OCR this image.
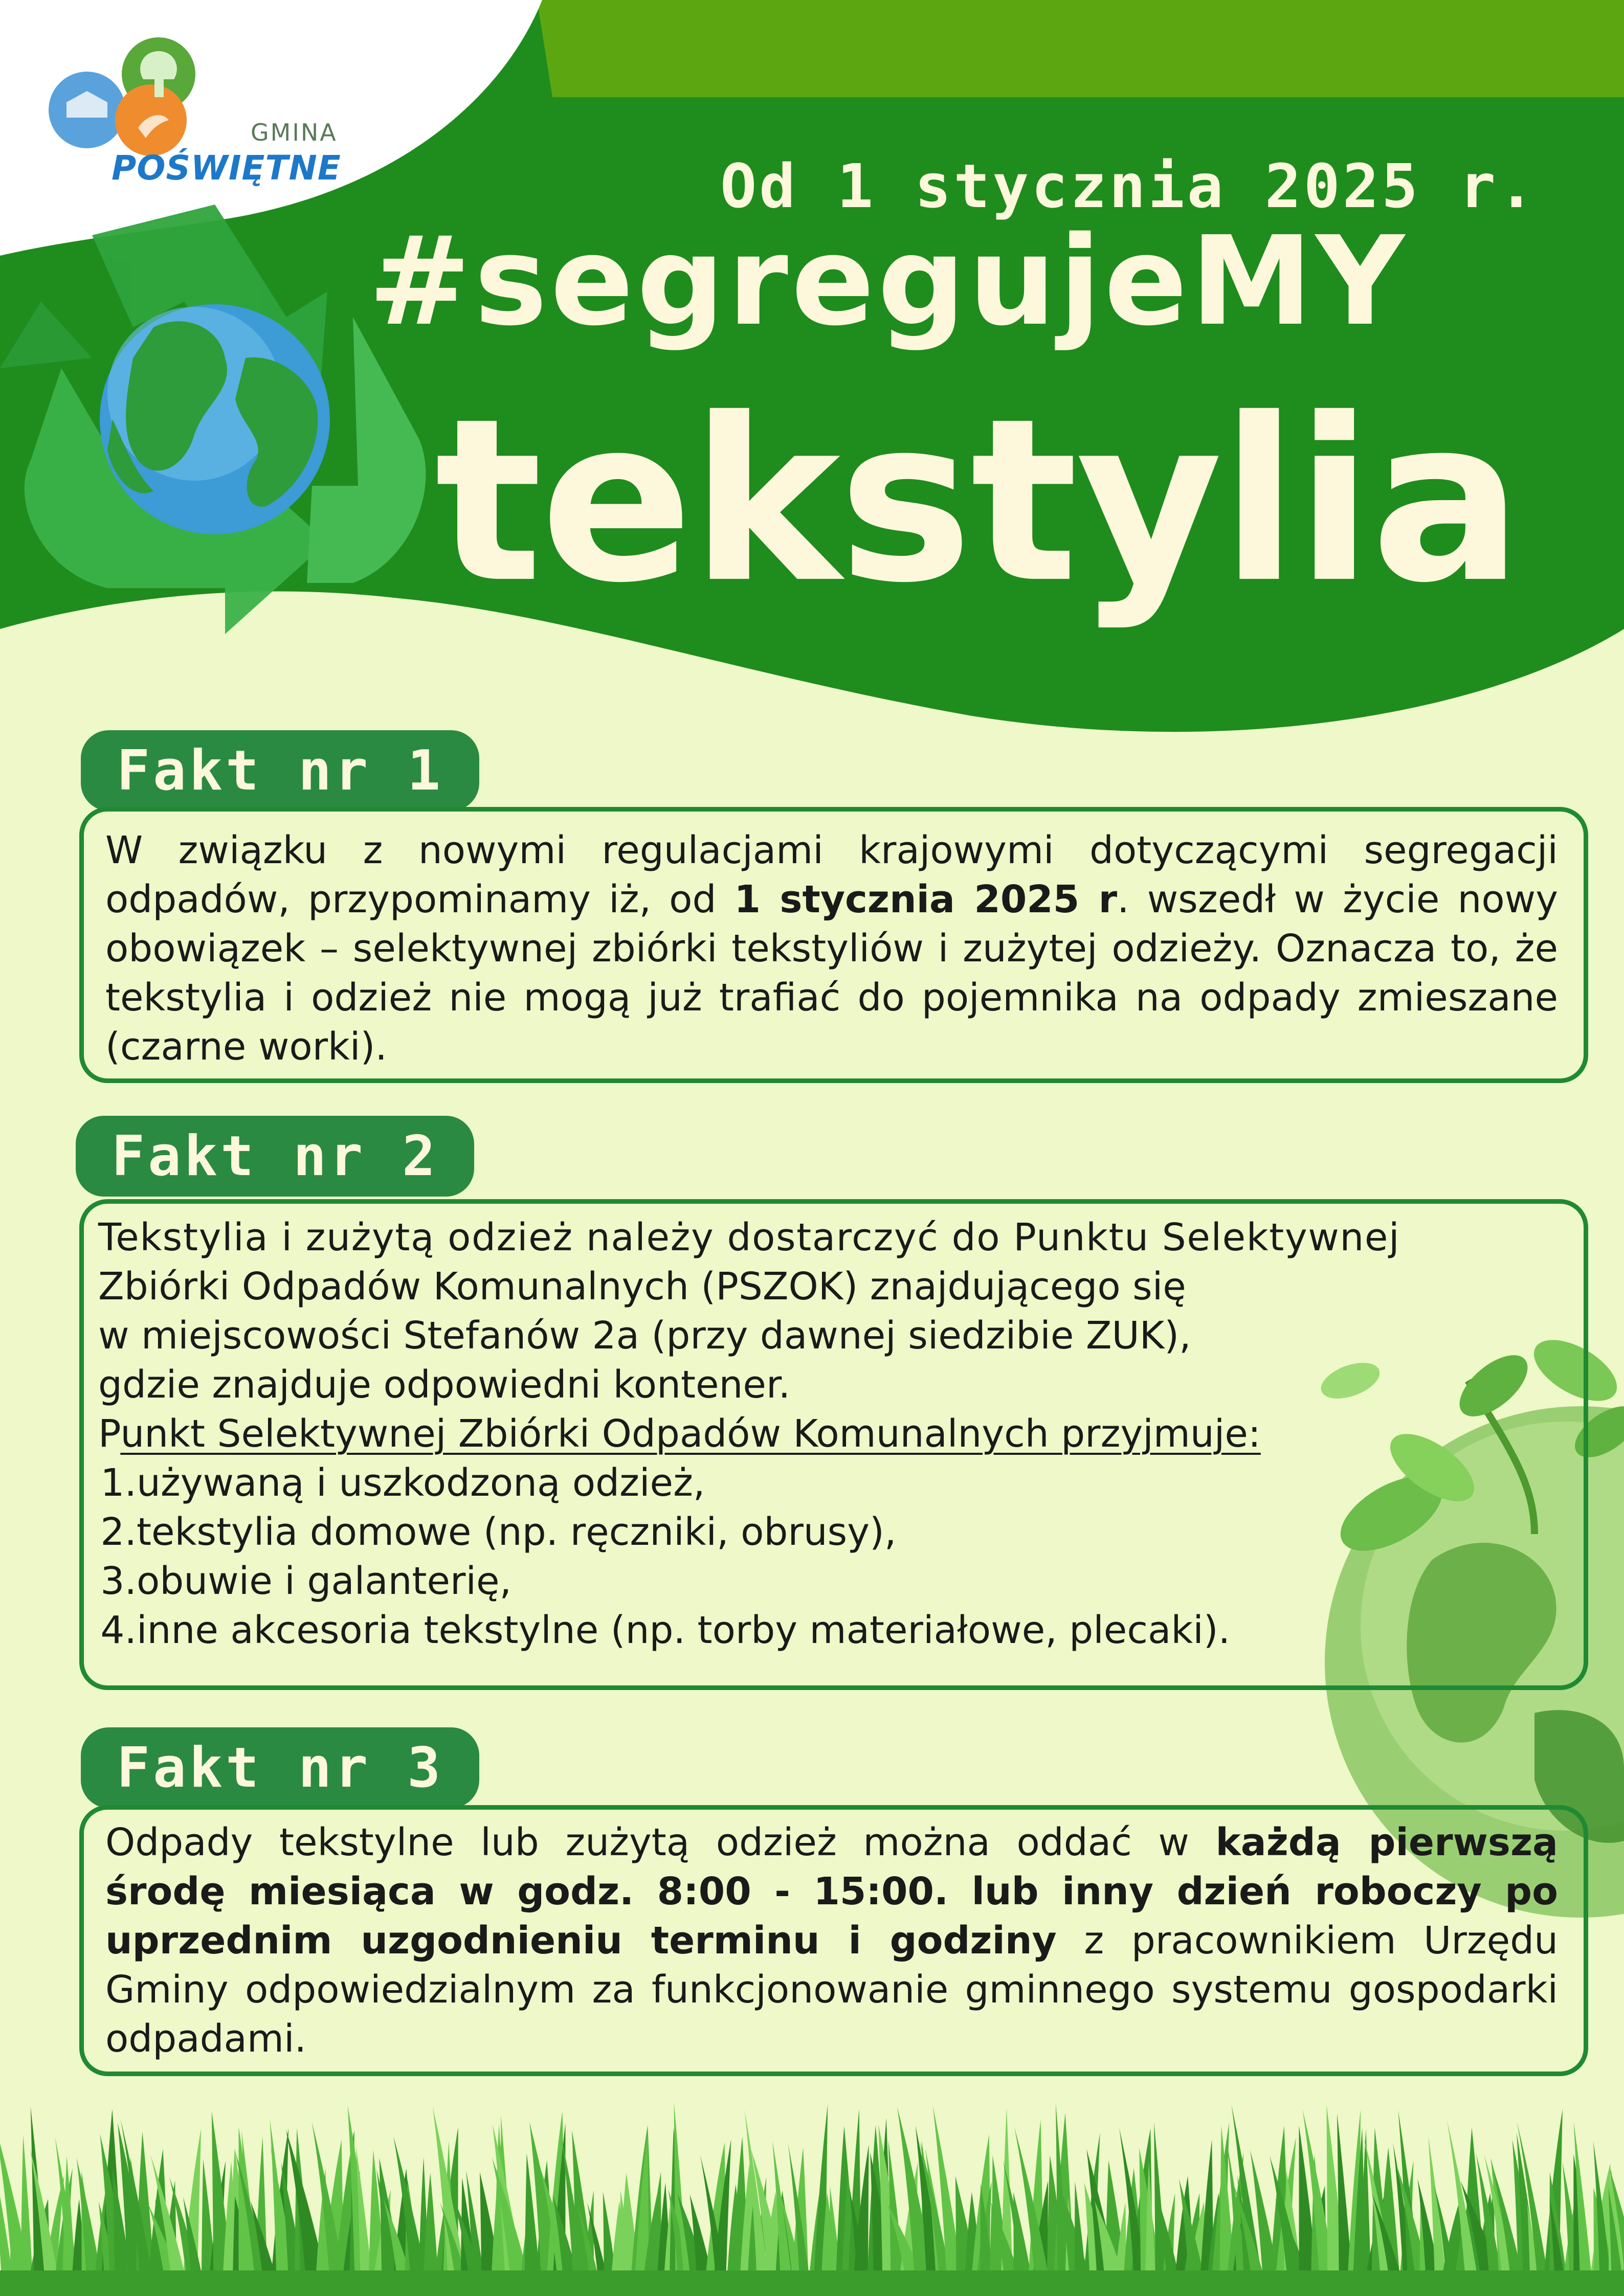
GMINA
POŚWIĘTNE	Od 1 stycznia 2025 r.
#segregujeMY
tekstylia
Fakt nr 1
W związku z nowymi regulacjami krajowymi dotyczącymi segregacji odpadów, przypominamy iż, od 1 stycznia 2025 r. wszedł w życie nowy obowiązek – selektywnej zbiórki tekstyliów i zużytej odzieży. Oznacza to, że tekstylia i odzież nie mogą już trafiać do pojemnika na odpady zmieszane (czarne worki).
Fakt nr 2
Tekstylia i zużytą odzież należy dostarczyć do Punktu Selektywnej
Zbiórki Odpadów Komunalnych (PSZOK) znajdującego się
w miejscowości Stefanów 2a (przy dawnej siedzibie ZUK),
gdzie znajduje odpowiedni kontener.
Punkt Selektywnej Zbiórki Odpadów Komunalnych przyjmuje:
1.używaną i uszkodzoną odzież,
2.tekstylia domowe (np. ręczniki, obrusy),
3.obuwie i galanterię,
4.inne akcesoria tekstylne (np. torby materiałowe, plecaki).
Fakt nr 3
Odpady tekstylne lub zużytą odzież można oddać w każdą pierwszą środę miesiąca w godz. 8:00 - 15:00. lub inny dzień roboczy po uprzednim uzgodnieniu terminu i godziny z pracownikiem Urzędu Gminy odpowiedzialnym za funkcjonowanie gminnego systemu gospodarki odpadami.
